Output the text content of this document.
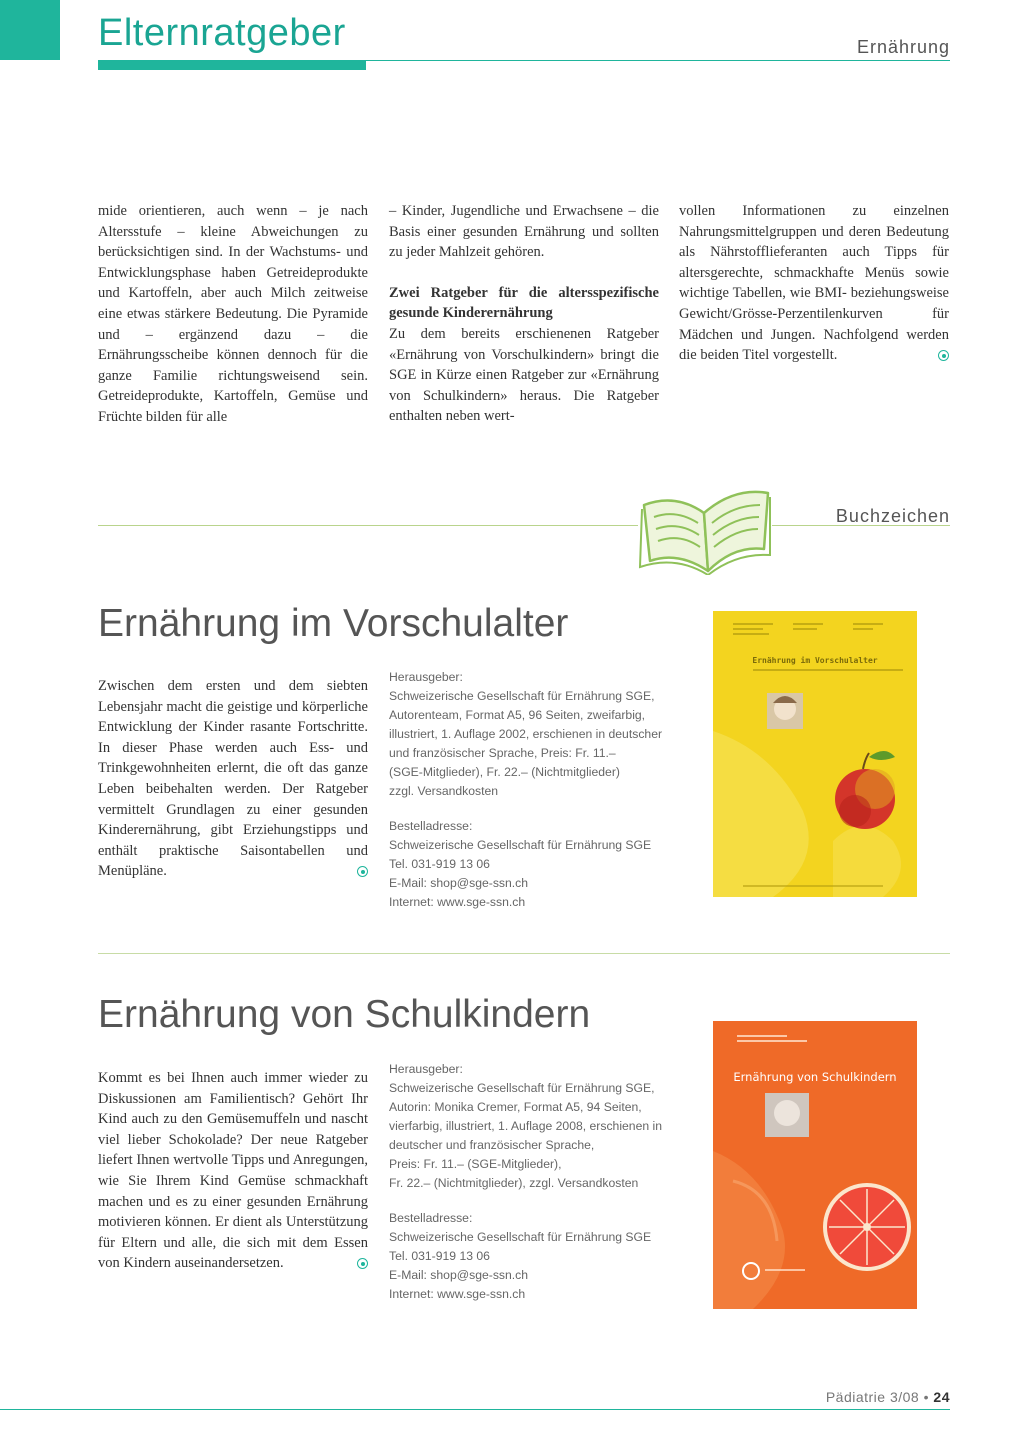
Elternratgeber	Ernährung

mide orientieren, auch wenn – je nach Altersstufe – kleine Abweichungen zu berücksichtigen sind. In der Wachstums- und Entwicklungsphase haben Getreideprodukte und Kartoffeln, aber auch Milch zeitweise eine etwas stärkere Bedeutung. Die Pyramide und – ergänzend dazu – die Ernährungsscheibe können dennoch für die ganze Familie richtungsweisend sein. Getreideprodukte, Kartoffeln, Gemüse und Früchte bilden für alle

– Kinder, Jugendliche und Erwachsene – die Basis einer gesunden Ernährung und sollten zu jeder Mahlzeit gehören.

Zwei Ratgeber für die altersspezifische gesunde Kinderernährung

Zu dem bereits erschienenen Ratgeber «Ernährung von Vorschulkindern» bringt die SGE in Kürze einen Ratgeber zur «Ernährung von Schulkindern» heraus. Die Ratgeber enthalten neben wert-

vollen Informationen zu einzelnen Nahrungsmittelgruppen und deren Bedeutung als Nährstofflieferanten auch Tipps für altersgerechte, schmackhafte Menüs sowie wichtige Tabellen, wie BMI- beziehungsweise Gewicht/Grösse-Perzentilenkurven für Mädchen und Jungen. Nachfolgend werden die beiden Titel vorgestellt.

Buchzeichen
Ernährung im Vorschulalter
Zwischen dem ersten und dem siebten Lebensjahr macht die geistige und körperliche Entwicklung der Kinder rasante Fortschritte. In dieser Phase werden auch Ess- und Trinkgewohnheiten erlernt, die oft das ganze Leben beibehalten werden. Der Ratgeber vermittelt Grundlagen zu einer gesunden Kinderernährung, gibt Erziehungstipps und enthält praktische Saisontabellen und Menüpläne.
Herausgeber:
Schweizerische Gesellschaft für Ernährung SGE,
Autorenteam, Format A5, 96 Seiten, zweifarbig,
illustriert, 1. Auflage 2002, erschienen in deutscher
und französischer Sprache, Preis: Fr. 11.–
(SGE-Mitglieder), Fr. 22.– (Nichtmitglieder)
zzgl. Versandkosten
Bestelladresse:
Schweizerische Gesellschaft für Ernährung SGE
Tel. 031-919 13 06
E-Mail: shop@sge-ssn.ch
Internet: www.sge-ssn.ch
Ernährung im Vorschulalter
Ernährung von Schulkindern
Kommt es bei Ihnen auch immer wieder zu Diskussionen am Familientisch? Gehört Ihr Kind auch zu den Gemüsemuffeln und nascht viel lieber Schokolade? Der neue Ratgeber liefert Ihnen wertvolle Tipps und Anregungen, wie Sie Ihrem Kind Gemüse schmackhaft machen und es zu einer gesunden Ernährung motivieren können. Er dient als Unterstützung für Eltern und alle, die sich mit dem Essen von Kindern auseinandersetzen.
Herausgeber:
Schweizerische Gesellschaft für Ernährung SGE,
Autorin: Monika Cremer, Format A5, 94 Seiten,
vierfarbig, illustriert, 1. Auflage 2008, erschienen in
deutscher und französischer Sprache,
Preis: Fr. 11.– (SGE-Mitglieder),
Fr. 22.– (Nichtmitglieder), zzgl. Versandkosten
Bestelladresse:
Schweizerische Gesellschaft für Ernährung SGE
Tel. 031-919 13 06
E-Mail: shop@sge-ssn.ch
Internet: www.sge-ssn.ch
Ernährung von Schulkindern
Pädiatrie 3/08 • 24
